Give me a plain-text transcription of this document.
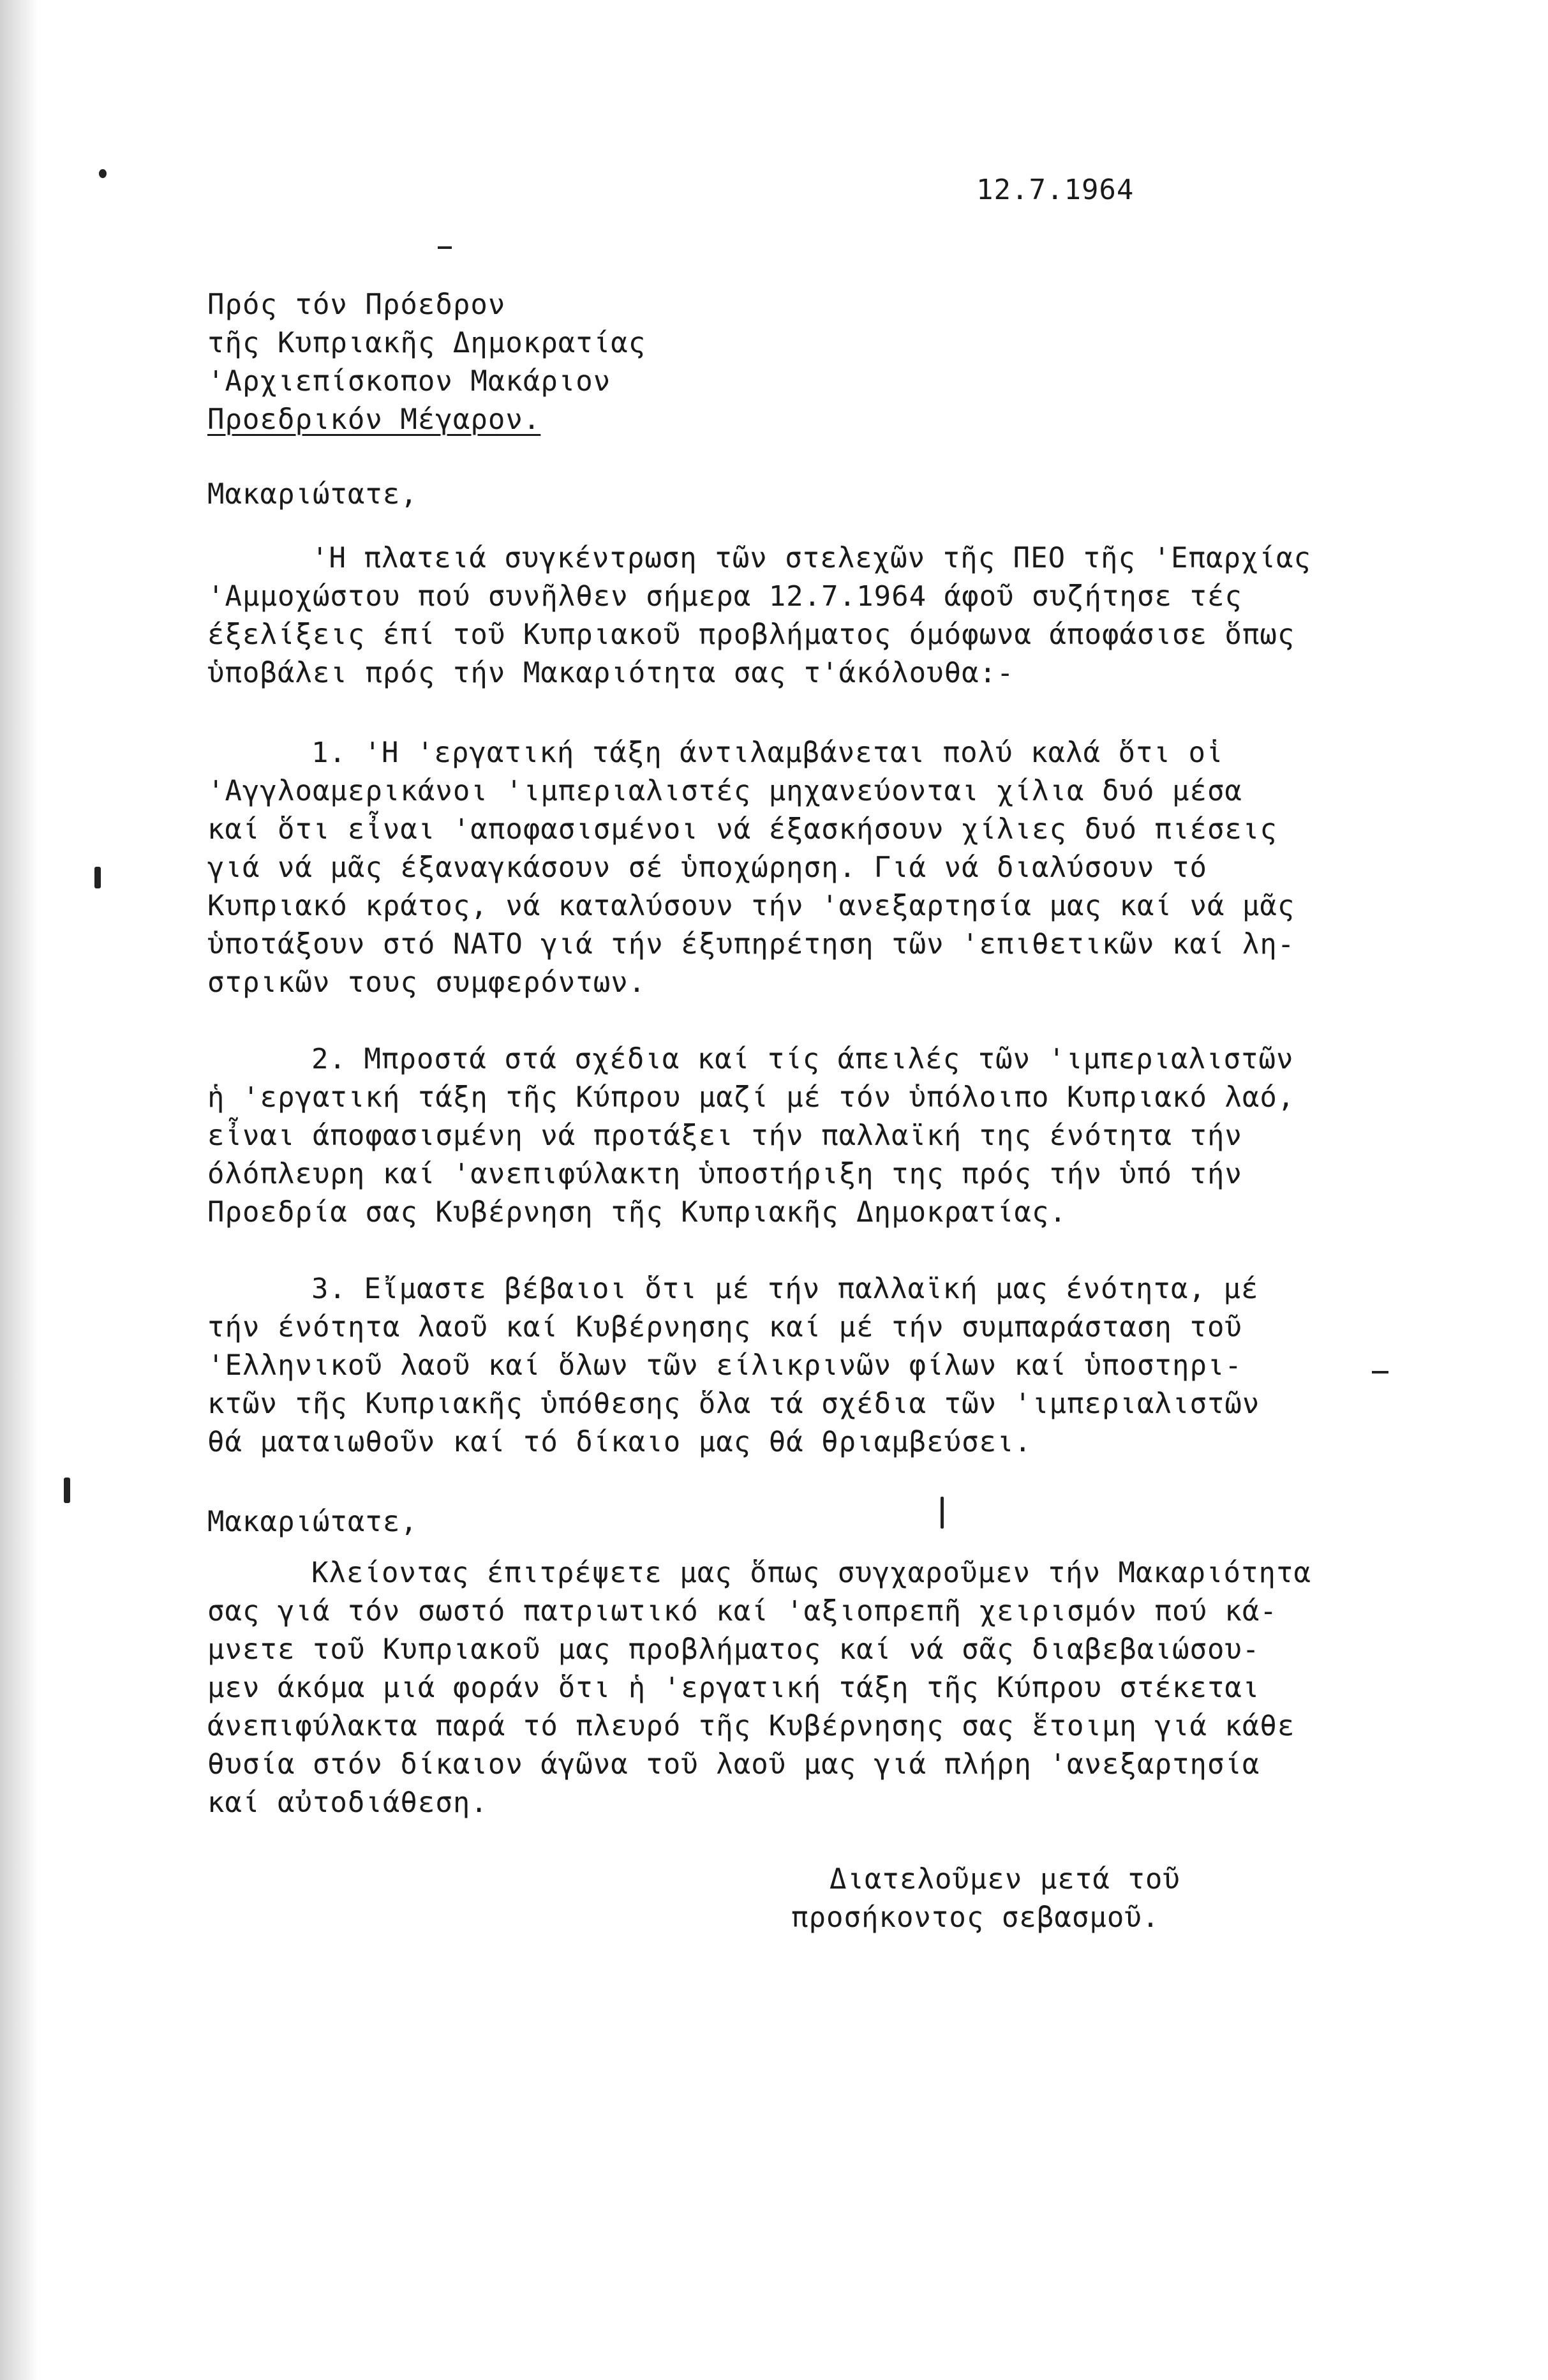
12.7.1964
Πρός τόν Πρόεδρον
τῆς Κυπριακῆς Δημοκρατίας
'Αρχιεπίσκοπον Μακάριον
Προεδρικόν Μέγαρον.
Μακαριώτατε,
'Η πλατειά συγκέντρωση τῶν στελεχῶν τῆς ΠΕΟ τῆς 'Επαρχίας
'Αμμοχώστου πού συνῆλθεν σήμερα 12.7.1964 άφοῦ συζήτησε τές
έξελίξεις έπί τοῦ Κυπριακοῦ προβλήματος όμόφωνα άποφάσισε ὅπως
ὑποβάλει πρός τήν Μακαριότητα σας τ'άκόλουθα:-
1. 'Η 'εργατική τάξη άντιλαμβάνεται πολύ καλά ὅτι οἱ
'Αγγλοαμερικάνοι 'ιμπεριαλιστές μηχανεύονται χίλια δυό μέσα
καί ὅτι εἶναι 'αποφασισμένοι νά έξασκήσουν χίλιες δυό πιέσεις
γιά νά μᾶς έξαναγκάσουν σέ ὑποχώρηση. Γιά νά διαλύσουν τό
Κυπριακό κράτος, νά καταλύσουν τήν 'ανεξαρτησία μας καί νά μᾶς
ὑποτάξουν στό ΝΑΤΟ γιά τήν έξυπηρέτηση τῶν 'επιθετικῶν καί λη-
στρικῶν τους συμφερόντων.
2. Μπροστά στά σχέδια καί τίς άπειλές τῶν 'ιμπεριαλιστῶν
ἡ 'εργατική τάξη τῆς Κύπρου μαζί μέ τόν ὑπόλοιπο Κυπριακό λαό,
εἶναι άποφασισμένη νά προτάξει τήν παλλαϊκή της ένότητα τήν
όλόπλευρη καί 'ανεπιφύλακτη ὑποστήριξη της πρός τήν ὑπό τήν
Προεδρία σας Κυβέρνηση τῆς Κυπριακῆς Δημοκρατίας.
3. Εἴμαστε βέβαιοι ὅτι μέ τήν παλλαϊκή μας ένότητα, μέ
τήν ένότητα λαοῦ καί Κυβέρνησης καί μέ τήν συμπαράσταση τοῦ
'Ελληνικοῦ λαοῦ καί ὅλων τῶν είλικρινῶν φίλων καί ὑποστηρι-
κτῶν τῆς Κυπριακῆς ὑπόθεσης ὅλα τά σχέδια τῶν 'ιμπεριαλιστῶν
θά ματαιωθοῦν καί τό δίκαιο μας θά θριαμβεύσει.
Μακαριώτατε,
Κλείοντας έπιτρέψετε μας ὅπως συγχαροῦμεν τήν Μακαριότητα
σας γιά τόν σωστό πατριωτικό καί 'αξιοπρεπῆ χειρισμόν πού κά-
μνετε τοῦ Κυπριακοῦ μας προβλήματος καί νά σᾶς διαβεβαιώσου-
μεν άκόμα μιά φοράν ὅτι ἡ 'εργατική τάξη τῆς Κύπρου στέκεται
άνεπιφύλακτα παρά τό πλευρό τῆς Κυβέρνησης σας ἕτοιμη γιά κάθε
θυσία στόν δίκαιον άγῶνα τοῦ λαοῦ μας γιά πλήρη 'ανεξαρτησία
καί αὐτοδιάθεση.
Διατελοῦμεν μετά τοῦ
προσήκοντος σεβασμοῦ.
